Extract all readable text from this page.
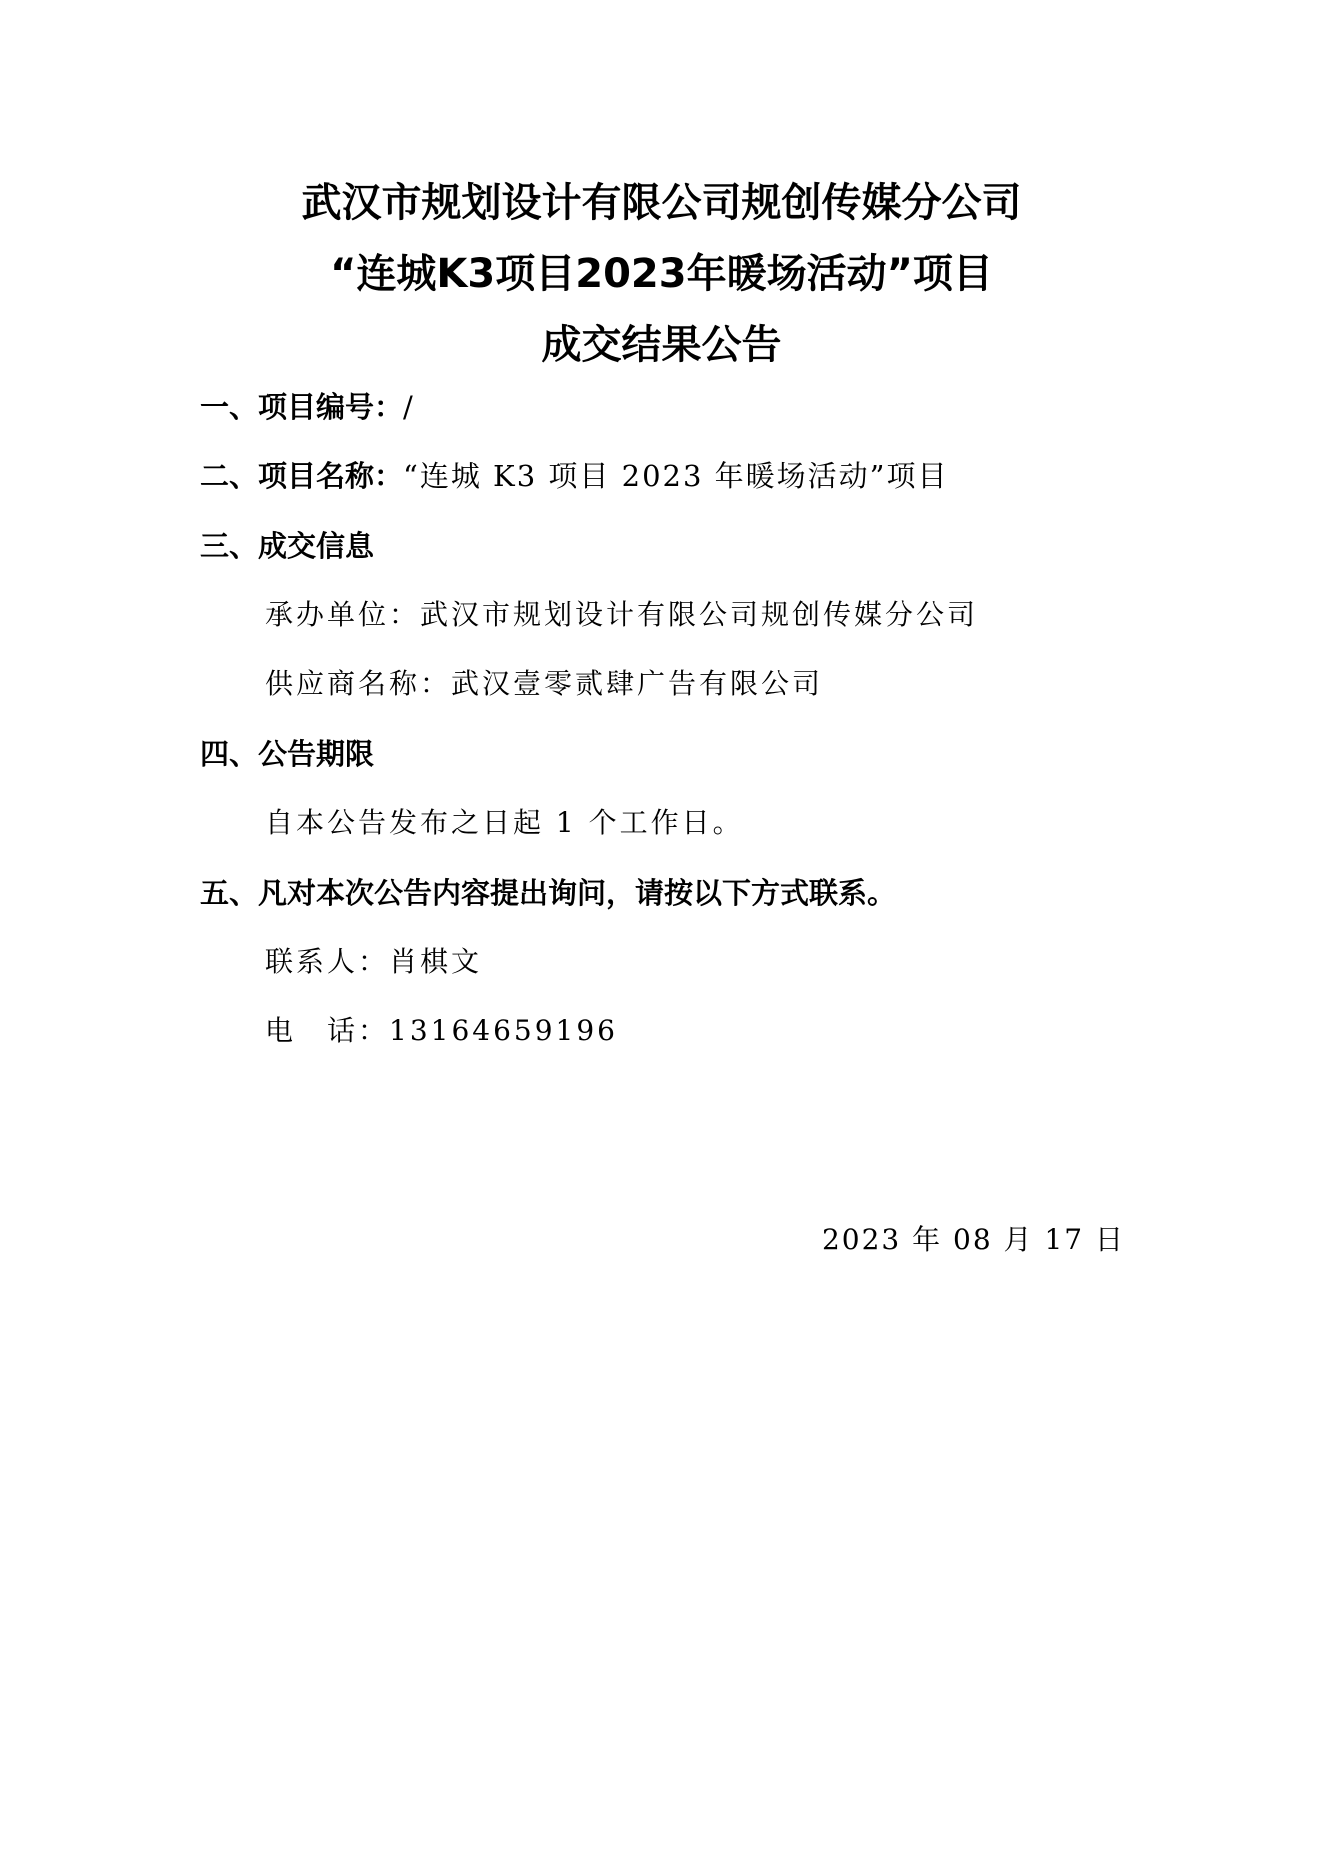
武汉市规划设计有限公司规创传媒分公司
“连城K3项目2023年暖场活动”项目
成交结果公告
一、项目编号：/
二、项目名称：“连城 K3 项目 2023 年暖场活动”项目
三、成交信息
承办单位：武汉市规划设计有限公司规创传媒分公司
供应商名称：武汉壹零贰肆广告有限公司
四、公告期限
自本公告发布之日起 1 个工作日。
五、凡对本次公告内容提出询问，请按以下方式联系。
联系人：肖棋文
电　话：13164659196
2023 年 08 月 17 日
